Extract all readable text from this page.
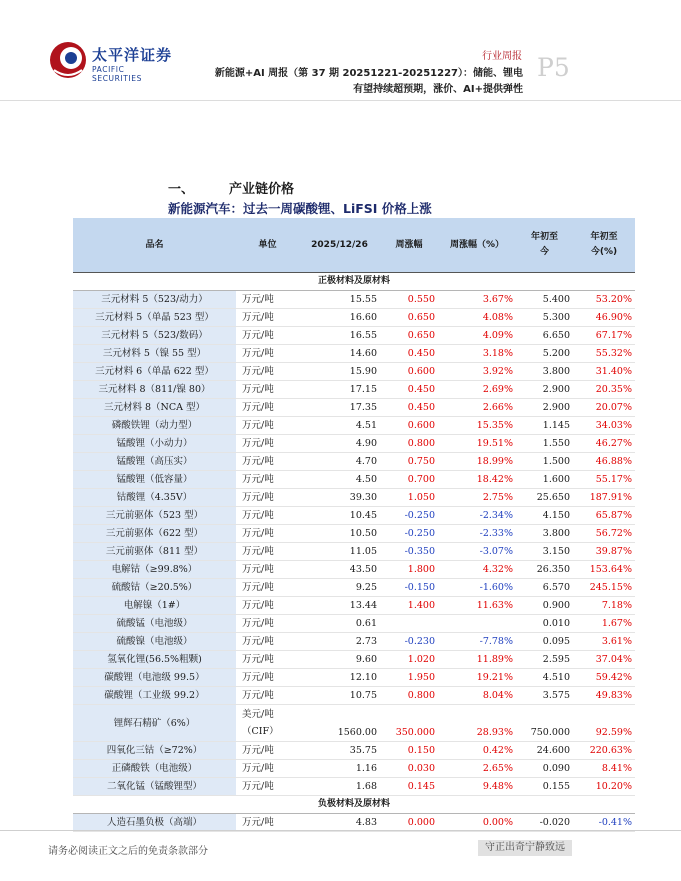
太平洋证券
PACIFIC SECURITIES
行业周报
新能源+AI 周报（第 37 期 20251221-20251227）：储能、锂电
有望持续超预期，涨价、AI+提供弹性
P5
一、	产业链价格
新能源汽车：过去一周碳酸锂、LiFSI 价格上涨
品名	单位	2025/12/26	周涨幅	周涨幅（%）	年初至今	年初至今(%)
正极材料及原材料						
三元材料 5（523/动力）	万元/吨	15.55	0.550	3.67%	5.400	53.20%
三元材料 5（单晶 523 型）	万元/吨	16.60	0.650	4.08%	5.300	46.90%
三元材料 5（523/数码）	万元/吨	16.55	0.650	4.09%	6.650	67.17%
三元材料 5（镍 55 型）	万元/吨	14.60	0.450	3.18%	5.200	55.32%
三元材料 6（单晶 622 型）	万元/吨	15.90	0.600	3.92%	3.800	31.40%
三元材料 8（811/镍 80）	万元/吨	17.15	0.450	2.69%	2.900	20.35%
三元材料 8（NCA 型）	万元/吨	17.35	0.450	2.66%	2.900	20.07%
磷酸铁锂（动力型）	万元/吨	4.51	0.600	15.35%	1.145	34.03%
锰酸锂（小动力）	万元/吨	4.90	0.800	19.51%	1.550	46.27%
锰酸锂（高压实）	万元/吨	4.70	0.750	18.99%	1.500	46.88%
锰酸锂（低容量）	万元/吨	4.50	0.700	18.42%	1.600	55.17%
钴酸锂（4.35V）	万元/吨	39.30	1.050	2.75%	25.650	187.91%
三元前驱体（523 型）	万元/吨	10.45	-0.250	-2.34%	4.150	65.87%
三元前驱体（622 型）	万元/吨	10.50	-0.250	-2.33%	3.800	56.72%
三元前驱体（811 型）	万元/吨	11.05	-0.350	-3.07%	3.150	39.87%
电解钴（≥99.8%）	万元/吨	43.50	1.800	4.32%	26.350	153.64%
硫酸钴（≥20.5%）	万元/吨	9.25	-0.150	-1.60%	6.570	245.15%
电解镍（1#）	万元/吨	13.44	1.400	11.63%	0.900	7.18%
硫酸锰（电池级）	万元/吨	0.61			0.010	1.67%
硫酸镍（电池级）	万元/吨	2.73	-0.230	-7.78%	0.095	3.61%
氢氧化锂(56.5%粗颗)	万元/吨	9.60	1.020	11.89%	2.595	37.04%
碳酸锂（电池级 99.5）	万元/吨	12.10	1.950	19.21%	4.510	59.42%
碳酸锂（工业级 99.2）	万元/吨	10.75	0.800	8.04%	3.575	49.83%
锂辉石精矿（6%）	美元/吨
（CIF）	1560.00	350.000	28.93%	750.000	92.59%
四氧化三钴（≥72%）	万元/吨	35.75	0.150	0.42%	24.600	220.63%
正磷酸铁（电池级）	万元/吨	1.16	0.030	2.65%	0.090	8.41%
二氧化锰（锰酸锂型）	万元/吨	1.68	0.145	9.48%	0.155	10.20%
负极材料及原材料						
人造石墨负极（高端）	万元/吨	4.83	0.000	0.00%	-0.020	-0.41%
请务必阅读正文之后的免责条款部分	守正出奇宁静致远
